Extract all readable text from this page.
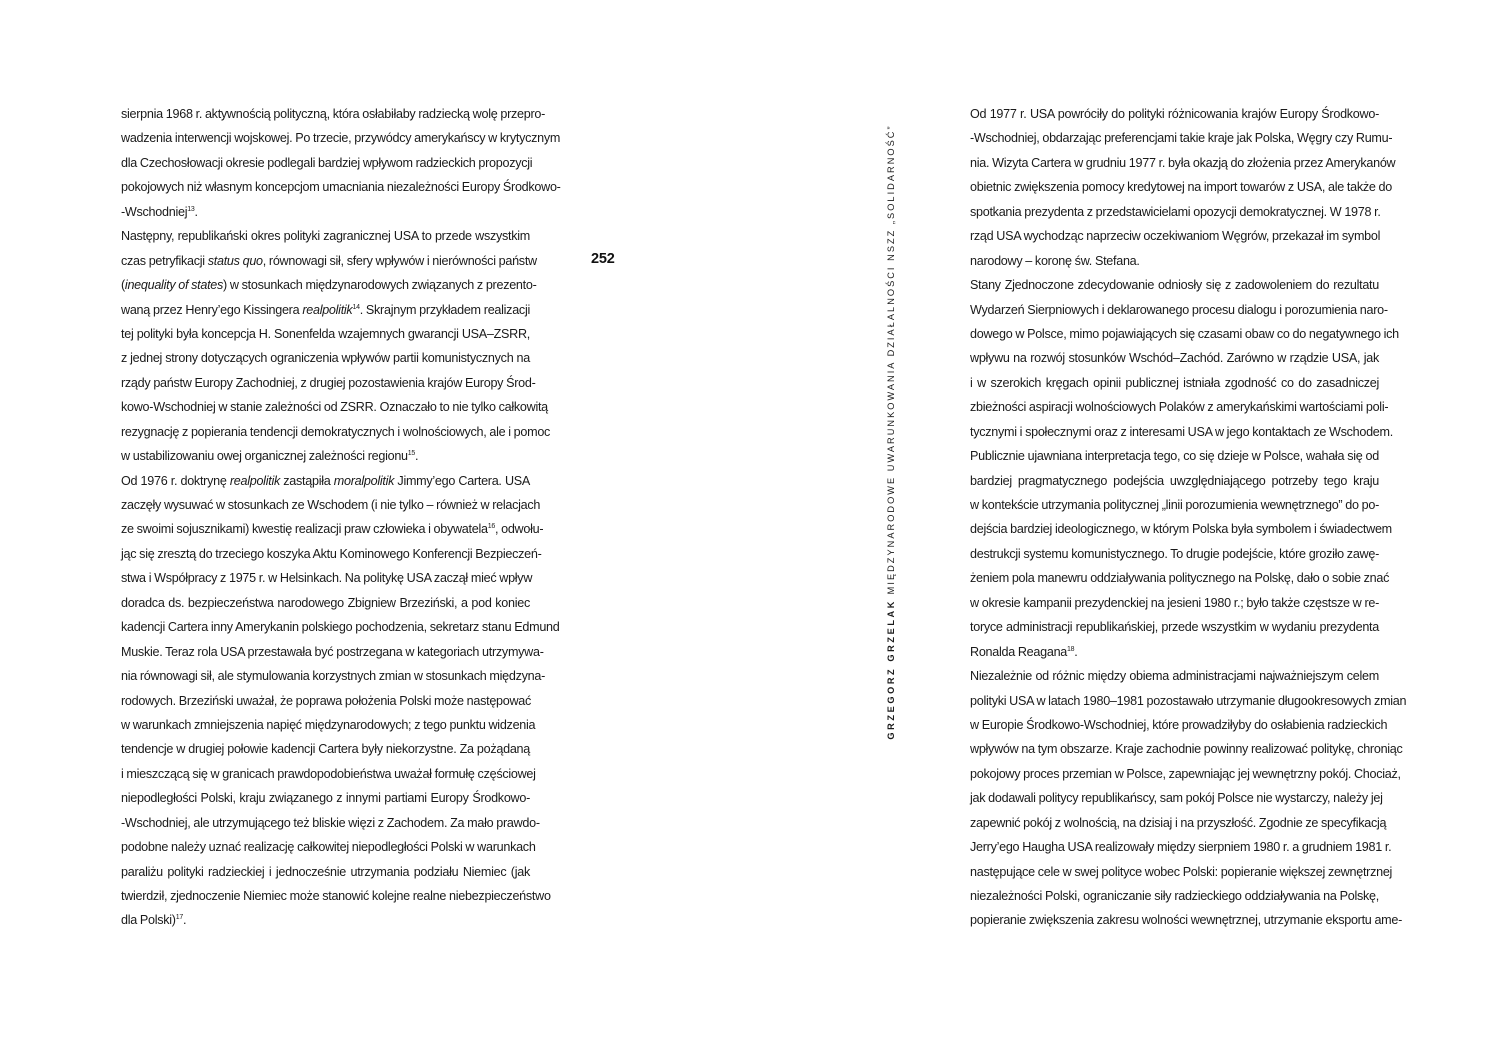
252
GRZEGORZ GRZELAK MIĘDZYNARODOWE UWARUNKOWANIA DZIAŁALNOŚCI NSZZ „SOLIDARNOŚĆ”
sierpnia 1968 r. aktywnością polityczną, która osłabiłaby radziecką wolę przepro-
wadzenia interwencji wojskowej. Po trzecie, przywódcy amerykańscy w krytycznym
dla Czechosłowacji okresie podlegali bardziej wpływom radzieckich propozycji
pokojowych niż własnym koncepcjom umacniania niezależności Europy Środkowo-
-Wschodniej$^{13}$.
Następny, republikański okres polityki zagranicznej USA to przede wszystkim
czas petryfikacji status quo, równowagi sił, sfery wpływów i nierówności państw
(inequality of states) w stosunkach międzynarodowych związanych z prezento-
waną przez Henry’ego Kissingera realpolitik$^{14}$. Skrajnym przykładem realizacji
tej polityki była koncepcja H. Sonenfelda wzajemnych gwarancji USA–ZSRR,
z jednej strony dotyczących ograniczenia wpływów partii komunistycznych na
rządy państw Europy Zachodniej, z drugiej pozostawienia krajów Europy Środ-
kowo-Wschodniej w stanie zależności od ZSRR. Oznaczało to nie tylko całkowitą
rezygnację z popierania tendencji demokratycznych i wolnościowych, ale i pomoc
w ustabilizowaniu owej organicznej zależności regionu$^{15}$.
Od 1976 r. doktrynę realpolitik zastąpiła moralpolitik Jimmy’ego Cartera. USA
zaczęły wysuwać w stosunkach ze Wschodem (i nie tylko – również w relacjach
ze swoimi sojusznikami) kwestię realizacji praw człowieka i obywatela$^{16}$, odwołu-
jąc się zresztą do trzeciego koszyka Aktu Kominowego Konferencji Bezpieczeń-
stwa i Współpracy z 1975 r. w Helsinkach. Na politykę USA zaczął mieć wpływ
doradca ds. bezpieczeństwa narodowego Zbigniew Brzeziński, a pod koniec
kadencji Cartera inny Amerykanin polskiego pochodzenia, sekretarz stanu Edmund
Muskie. Teraz rola USA przestawała być postrzegana w kategoriach utrzymywa-
nia równowagi sił, ale stymulowania korzystnych zmian w stosunkach międzyna-
rodowych. Brzeziński uważał, że poprawa położenia Polski może następować
w warunkach zmniejszenia napięć międzynarodowych; z tego punktu widzenia
tendencje w drugiej połowie kadencji Cartera były niekorzystne. Za pożądaną
i mieszczącą się w granicach prawdopodobieństwa uważał formułę częściowej
niepodległości Polski, kraju związanego z innymi partiami Europy Środkowo-
-Wschodniej, ale utrzymującego też bliskie więzi z Zachodem. Za mało prawdo-
podobne należy uznać realizację całkowitej niepodległości Polski w warunkach
paraliżu polityki radzieckiej i jednocześnie utrzymania podziału Niemiec (jak
twierdził, zjednoczenie Niemiec może stanowić kolejne realne niebezpieczeństwo
dla Polski)$^{17}$.
Od 1977 r. USA powróciły do polityki różnicowania krajów Europy Środkowo-
-Wschodniej, obdarzając preferencjami takie kraje jak Polska, Węgry czy Rumu-
nia. Wizyta Cartera w grudniu 1977 r. była okazją do złożenia przez Amerykanów
obietnic zwiększenia pomocy kredytowej na import towarów z USA, ale także do
spotkania prezydenta z przedstawicielami opozycji demokratycznej. W 1978 r.
rząd USA wychodząc naprzeciw oczekiwaniom Węgrów, przekazał im symbol
narodowy – koronę św. Stefana.
Stany Zjednoczone zdecydowanie odniosły się z zadowoleniem do rezultatu
Wydarzeń Sierpniowych i deklarowanego procesu dialogu i porozumienia naro-
dowego w Polsce, mimo pojawiających się czasami obaw co do negatywnego ich
wpływu na rozwój stosunków Wschód–Zachód. Zarówno w rządzie USA, jak
i w szerokich kręgach opinii publicznej istniała zgodność co do zasadniczej
zbieżności aspiracji wolnościowych Polaków z amerykańskimi wartościami poli-
tycznymi i społecznymi oraz z interesami USA w jego kontaktach ze Wschodem.
Publicznie ujawniana interpretacja tego, co się dzieje w Polsce, wahała się od
bardziej pragmatycznego podejścia uwzględniającego potrzeby tego kraju
w kontekście utrzymania politycznej „linii porozumienia wewnętrznego” do po-
dejścia bardziej ideologicznego, w którym Polska była symbolem i świadectwem
destrukcji systemu komunistycznego. To drugie podejście, które groziło zawę-
żeniem pola manewru oddziaływania politycznego na Polskę, dało o sobie znać
w okresie kampanii prezydenckiej na jesieni 1980 r.; było także częstsze w re-
toryce administracji republikańskiej, przede wszystkim w wydaniu prezydenta
Ronalda Reagana$^{18}$.
Niezależnie od różnic między obiema administracjami najważniejszym celem
polityki USA w latach 1980–1981 pozostawało utrzymanie długookresowych zmian
w Europie Środkowo-Wschodniej, które prowadziłyby do osłabienia radzieckich
wpływów na tym obszarze. Kraje zachodnie powinny realizować politykę, chroniąc
pokojowy proces przemian w Polsce, zapewniając jej wewnętrzny pokój. Chociaż,
jak dodawali politycy republikańscy, sam pokój Polsce nie wystarczy, należy jej
zapewnić pokój z wolnością, na dzisiaj i na przyszłość. Zgodnie ze specyfikacją
Jerry’ego Haugha USA realizowały między sierpniem 1980 r. a grudniem 1981 r.
następujące cele w swej polityce wobec Polski: popieranie większej zewnętrznej
niezależności Polski, ograniczanie siły radzieckiego oddziaływania na Polskę,
popieranie zwiększenia zakresu wolności wewnętrznej, utrzymanie eksportu ame-
